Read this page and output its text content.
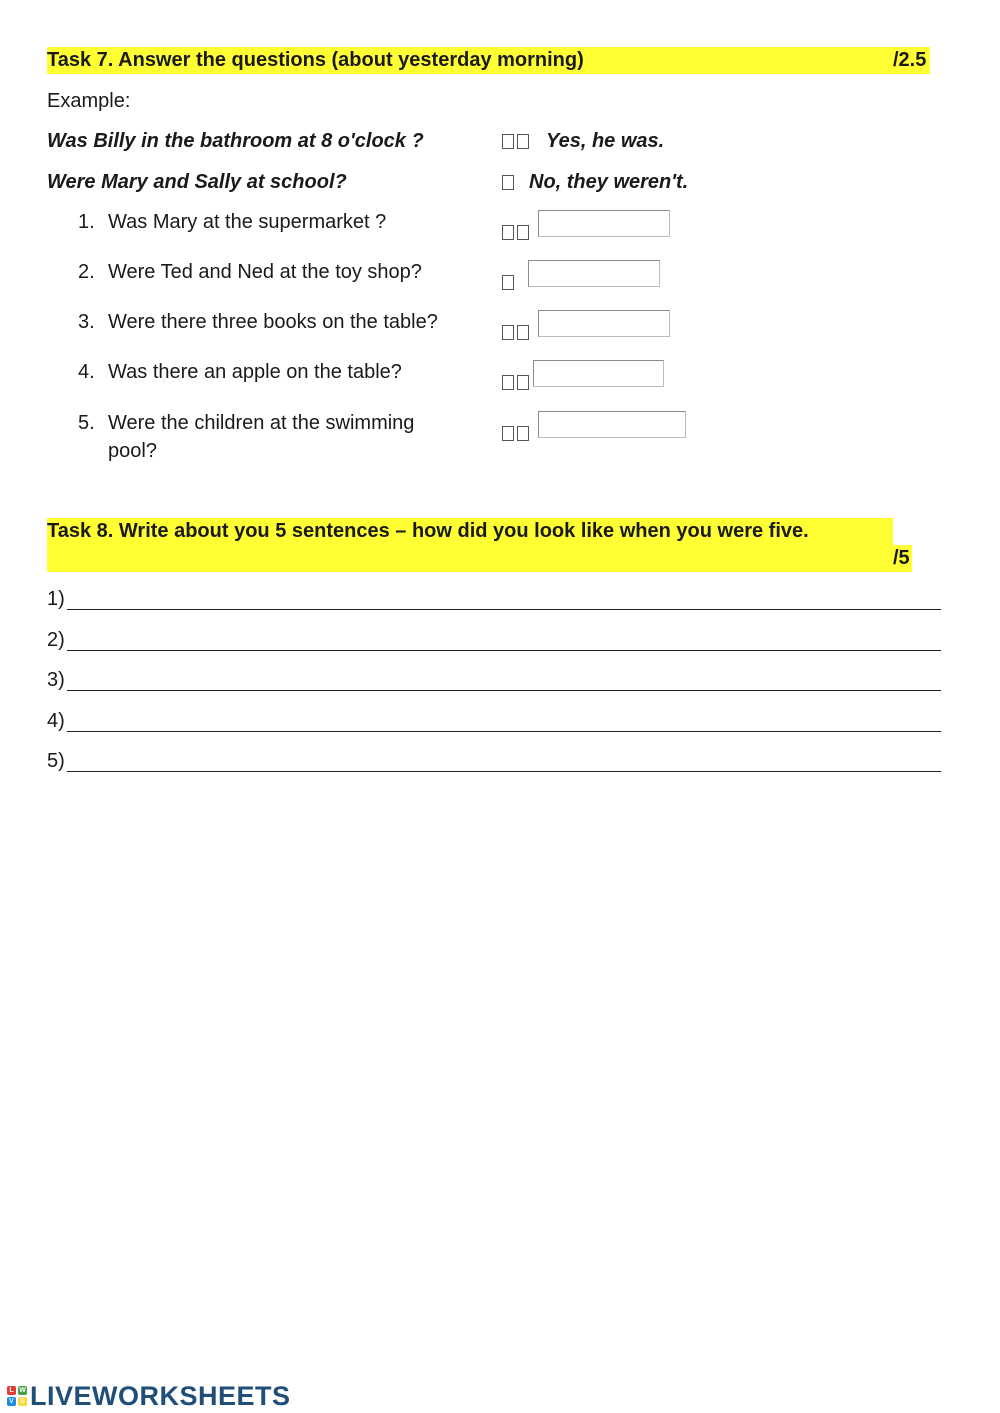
Task 7. Answer the questions (about yesterday morning)	/2.5
Example:
Was Billy in the bathroom at 8 o'clock ?	Yes, he was.
Were Mary and Sally at school?	No, they weren't.
1. Was Mary at the supermarket ?
2. Were Ted and Ned at the toy shop?
3. Were there three books on the table?
4. Was there an apple on the table?
5. Were the children at the swimming
pool?
Task 8. Write about you 5 sentences – how did you look like when you were five.
/5
1)
2)
3)
4)
5)
L W
V S LIVEWORKSHEETS
